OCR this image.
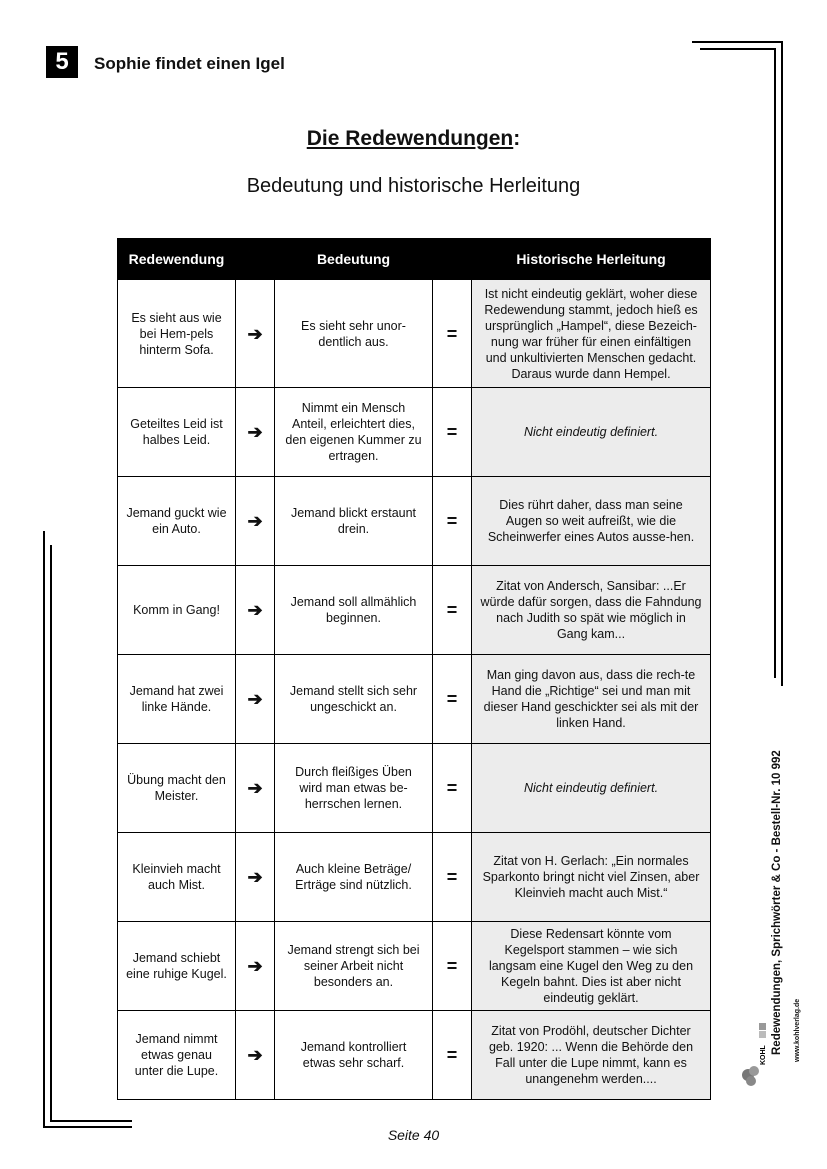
5	Sophie findet einen Igel
Die Redewendungen:
Bedeutung und historische Herleitung
Redewendung	Bedeutung			Historische Herleitung
Es sieht aus wie bei Hem-pels hinterm Sofa.	➔	Es sieht sehr unor-dentlich aus.	=	Ist nicht eindeutig geklärt, woher diese Redewendung stammt, jedoch hieß es ursprünglich „Hampel“, diese Bezeich-nung war früher für einen einfältigen und unkultivierten Menschen gedacht. Daraus wurde dann Hempel.
Geteiltes Leid ist halbes Leid.	➔	Nimmt ein Mensch Anteil, erleichtert dies, den eigenen Kummer zu ertragen.	=	Nicht eindeutig definiert.
Jemand guckt wie ein Auto.	➔	Jemand blickt erstaunt drein.	=	Dies rührt daher, dass man seine Augen so weit aufreißt, wie die Scheinwerfer eines Autos ausse-hen.
Komm in Gang!	➔	Jemand soll allmählich beginnen.	=	Zitat von Andersch, Sansibar: ...Er würde dafür sorgen, dass die Fahndung nach Judith so spät wie möglich in Gang kam...
Jemand hat zwei linke Hände.	➔	Jemand stellt sich sehr ungeschickt an.	=	Man ging davon aus, dass die rech-te Hand die „Richtige“ sei und man mit dieser Hand geschickter sei als mit der linken Hand.
Übung macht den Meister.	➔	Durch fleißiges Üben wird man etwas be-herrschen lernen.	=	Nicht eindeutig definiert.
Kleinvieh macht auch Mist.	➔	Auch kleine Beträge/ Erträge sind nützlich.	=	Zitat von H. Gerlach: „Ein normales Sparkonto bringt nicht viel Zinsen, aber Kleinvieh macht auch Mist.“
Jemand schiebt eine ruhige Kugel.	➔	Jemand strengt sich bei seiner Arbeit nicht besonders an.	=	Diese Redensart könnte vom Kegelsport stammen – wie sich langsam eine Kugel den Weg zu den Kegeln bahnt. Dies ist aber nicht eindeutig geklärt.
Jemand nimmt etwas genau unter die Lupe.	➔	Jemand kontrolliert etwas sehr scharf.	=	Zitat von Prodöhl, deutscher Dichter geb. 1920: ... Wenn die Behörde den Fall unter die Lupe nimmt, kann es unangenehm werden....
Redewendungen, Sprichwörter & Co - Bestell-Nr. 10 992
KOHL	www.kohlverlag.de
Seite 40
